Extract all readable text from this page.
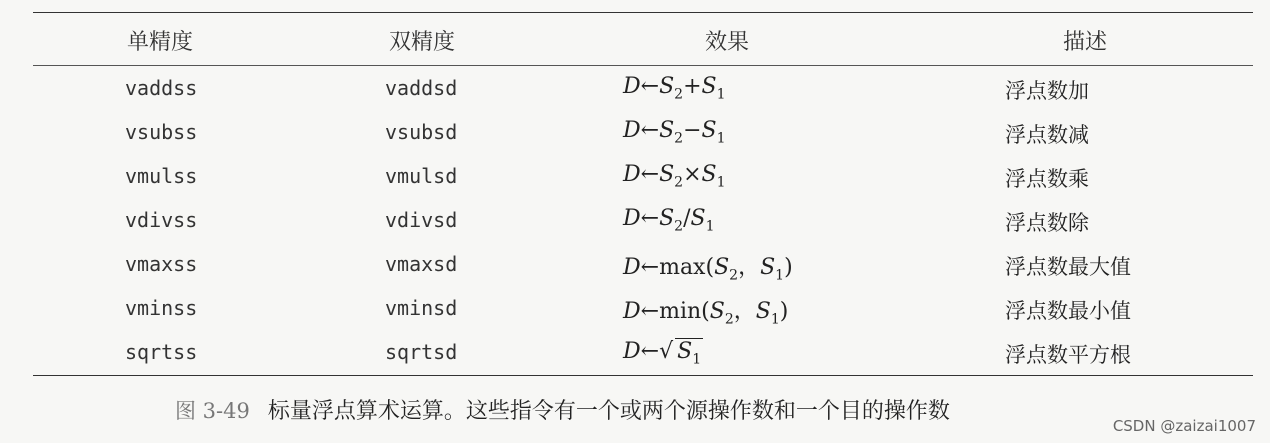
单精度	双精度	效果	描述
vaddss	vaddsd	$D\leftarrow S_2+S_1$	浮点数加
vsubss	vsubsd	$D\leftarrow S_2-S_1$	浮点数减
vmulss	vmulsd	$D\leftarrow S_2\times S_1$	浮点数乘
vdivss	vdivsd	$D\leftarrow S_2/S_1$	浮点数除
vmaxss	vmaxsd	$D\leftarrow\max(S_2$，$S_1$)	浮点数最大值
vminss	vminsd	$D\leftarrow\min(S_2$，$S_1$)	浮点数最小值
sqrtss	sqrtsd	D←√ $S_1$	浮点数平方根
图 3-49 标量浮点算术运算。这些指令有一个或两个源操作数和一个目的操作数
CSDN @zaizai1007
